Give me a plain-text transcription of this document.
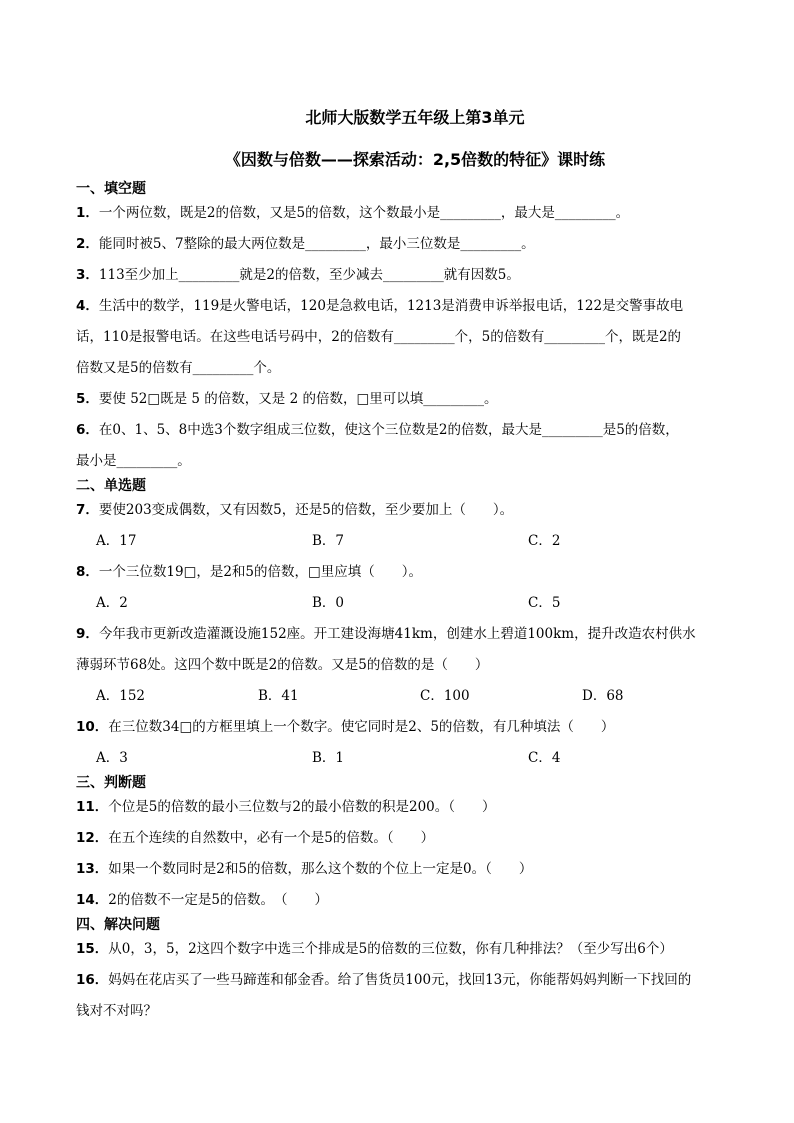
北师大版数学五年级上第3单元
《因数与倍数——探索活动：2,5倍数的特征》课时练
一、填空题

1．一个两位数，既是2的倍数，又是5的倍数，这个数最小是_________，最大是_________。

2．能同时被5、7整除的最大两位数是_________，最小三位数是_________。

3．113至少加上_________就是2的倍数，至少减去_________就有因数5。

4．生活中的数学，119是火警电话，120是急救电话，1213是消费申诉举报电话，122是交警事故电

话，110是报警电话。在这些电话号码中，2的倍数有_________个，5的倍数有_________个，既是2的

倍数又是5的倍数有_________个。

5．要使 52□既是 5 的倍数，又是 2 的倍数，□里可以填_________。

6．在0、1、5、8中选3个数字组成三位数，使这个三位数是2的倍数，最大是_________是5的倍数，

最小是_________。

二、单选题

7．要使203变成偶数，又有因数5，还是5的倍数，至少要加上（　　）。

A．17	B．7	C．2

8．一个三位数19□，是2和5的倍数，□里应填（　　）。

A．2	B．0	C．5

9．今年我市更新改造灌溉设施152座。开工建设海塘41km，创建水上碧道100km，提升改造农村供水

薄弱环节68处。这四个数中既是2的倍数。又是5的倍数的是（　　）

A．152	B．41	C．100	D．68

10．在三位数34□的方框里填上一个数字。使它同时是2、5的倍数，有几种填法（　　）

A．3	B．1	C．4
三、判断题

11．个位是5的倍数的最小三位数与2的最小倍数的积是200。（　　）

12．在五个连续的自然数中，必有一个是5的倍数。（　　）

13．如果一个数同时是2和5的倍数，那么这个数的个位上一定是0。（　　）

14．2的倍数不一定是5的倍数。　（　　）

四、解决问题

15．从0，3，5，2这四个数字中选三个排成是5的倍数的三位数，你有几种排法？（至少写出6个）

16．妈妈在花店买了一些马蹄莲和郁金香。给了售货员100元，找回13元，你能帮妈妈判断一下找回的

钱对不对吗？
